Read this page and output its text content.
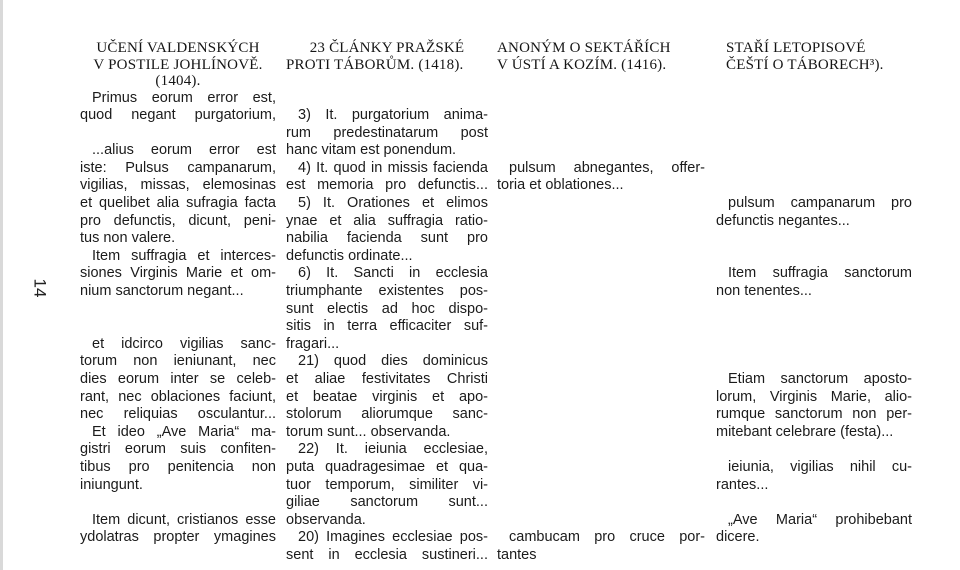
14
UČENÍ VALDENSKÝCH
V POSTILE JOHLÍNOVĚ.
(1404).
Primus eorum error est,
quod negant purgatorium,

...alius eorum error est
iste: Pulsus campanarum,
vigilias, missas, elemosinas
et quelibet alia sufragia facta
pro defunctis, dicunt, peni-
tus non valere.
Item suffragia et interces-
siones Virginis Marie et om-
nium sanctorum negant...

et idcirco vigilias sanc-
torum non ieniunant, nec
dies eorum inter se celeb-
rant, nec oblaciones faciunt,
nec reliquias osculantur...
Et ideo „Ave Maria“ ma-
gistri eorum suis confiten-
tibus pro penitencia non
iniungunt.

Item dicunt, cristianos esse
ydolatras propter ymagines
23 ČLÁNKY PRAŽSKÉ
PROTI TÁBORŮM. (1418).

3) It. purgatorium anima-
rum predestinatarum post
hanc vitam est ponendum.
4) It. quod in missis facienda
est memoria pro defunctis...
5) It. Orationes et elimos
ynae et alia suffragia ratio-
nabilia facienda sunt pro
defunctis ordinate...
6) It. Sancti in ecclesia
triumphante existentes pos-
sunt electis ad hoc dispo-
sitis in terra efficaciter suf-
fragari...
21) quod dies dominicus
et aliae festivitates Christi
et beatae virginis et apo-
stolorum aliorumque sanc-
torum sunt... observanda.
22) It. ieiunia ecclesiae,
puta quadragesimae et qua-
tuor temporum, similiter vi-
giliae sanctorum sunt...
observanda.
20) Imagines ecclesiae pos-
sent in ecclesia sustineri...
ANONÝM O SEKTÁŘÍCH
V ÚSTÍ A KOZÍM. (1416).

pulsum abnegantes, offer-
toria et oblationes...

cambucam pro cruce por-
tantes
STAŘÍ LETOPISOVÉ
ČEŠTÍ O TÁBORECH³).

pulsum campanarum pro
defunctis negantes...

Item suffragia sanctorum
non tenentes...

Etiam sanctorum aposto-
lorum, Virginis Marie, alio-
rumque sanctorum non per-
mitebant celebrare (festa)...

ieiunia, vigilias nihil cu-
rantes...

„Ave Maria“ prohibebant
dicere.
